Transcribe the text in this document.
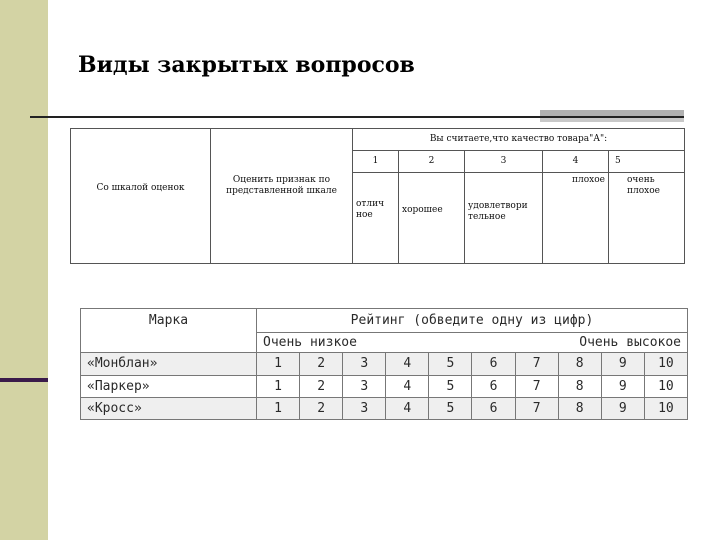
Виды закрытых вопросов
		Вы считаете,что качество товара"А":				
		1	2	3	4	5
Со шкалой оценок	Оценить признак по представленной шкале	отлич ное	хорошее	удовлетвори тельное	плохое	очень плохое
Марка	Рейтинг (обведите одну из цифр)									

	Очень низкое Очень высокое									

«Монблан»	1	2	3	4	5	6	7	8	9	10
«Паркер»	1	2	3	4	5	6	7	8	9	10
«Кросс»	1	2	3	4	5	6	7	8	9	10
